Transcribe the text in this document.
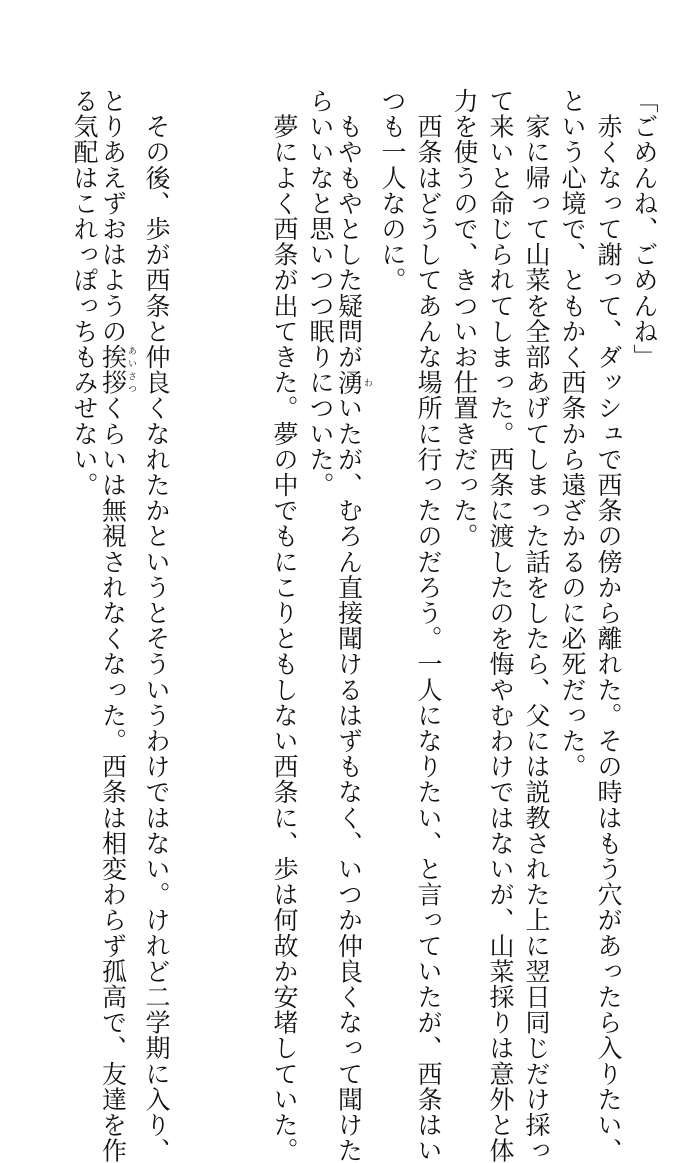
「ごめんね、ごめんね」
　赤くなって謝って、ダッシュで西条の傍から離れた。その時はもう穴があったら入りたい、
という心境で、ともかく西条から遠ざかるのに必死だった。
　家に帰って山菜を全部あげてしまった話をしたら、父には説教された上に翌日同じだけ採っ
て来いと命じられてしまった。西条に渡したのを悔やむわけではないが、山菜採りは意外と体
力を使うので、きついお仕置きだった。
　西条はどうしてあんな場所に行ったのだろう。一人になりたい、と言っていたが、西条はい
つも一人なのに。
　もやもやとした疑問が湧わいたが、むろん直接聞けるはずもなく、いつか仲良くなって聞けた
らいいなと思いつつ眠りについた。
　夢によく西条が出てきた。夢の中でもにこりともしない西条に、歩は何故か安堵していた。
　その後、歩が西条と仲良くなれたかというとそういうわけではない。けれど二学期に入り、
とりあえずおはようの挨拶あいさつくらいは無視されなくなった。西条は相変わらず孤高で、友達を作
る気配はこれっぽっちもみせない。
